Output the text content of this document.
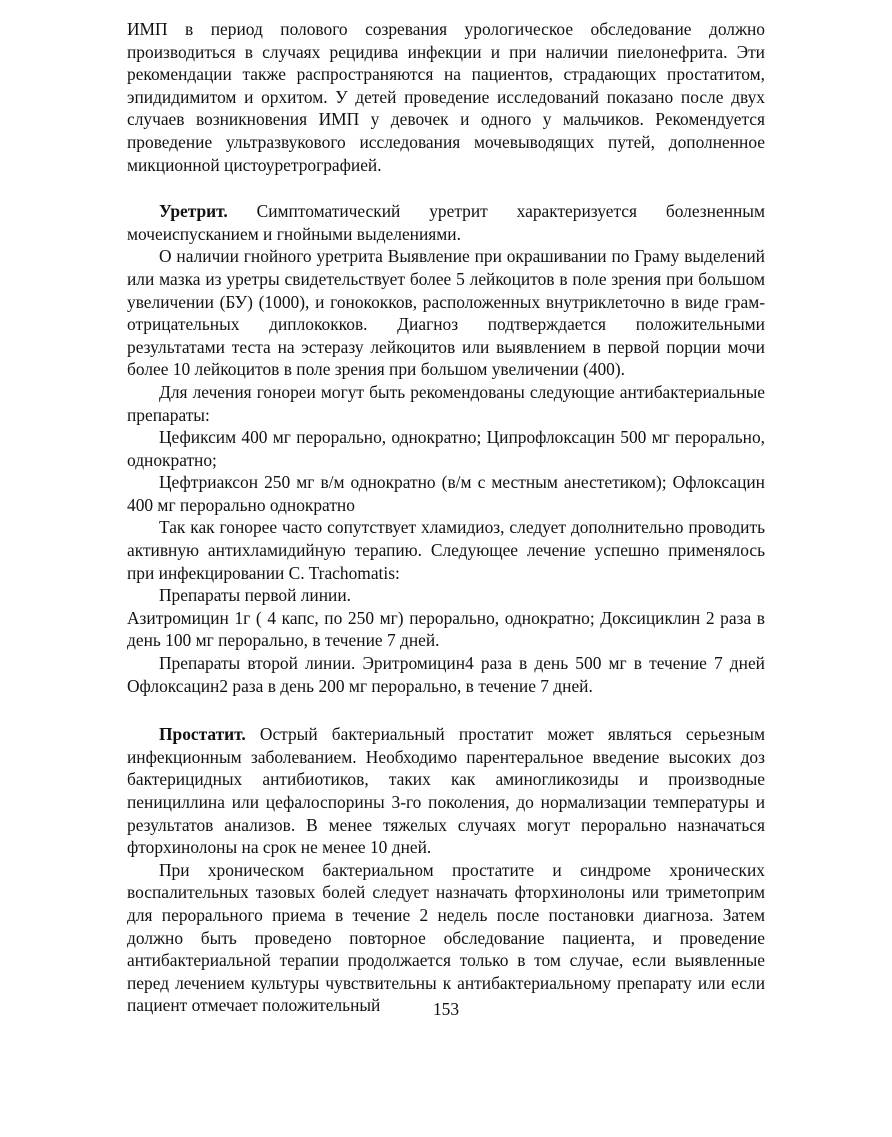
ИМП в период полового созревания урологическое обследование должно производиться в случаях рецидива инфекции и при наличии пиелонефрита. Эти рекомендации также распространяются на пациентов, страдающих простатитом, эпидидимитом и орхитом. У детей проведение исследований показано после двух случаев возникновения ИМП у девочек и одного у мальчиков. Рекомендуется проведение ультразвукового исследования мочевыводящих путей, дополненное микционной цистоуретрографией.

Уретрит. Симптоматический уретрит характеризуется болезненным мочеиспусканием и гнойными выделениями.

О наличии гнойного уретрита Выявление при окрашивании по Граму выделений или мазка из уретры свидетельствует более 5 лейкоцитов в поле зрения при большом увеличении (БУ) (1000), и гонококков, расположенных внутриклеточно в виде грам- отрицательных диплококков. Диагноз подтверждается положительными результатами теста на эстеразу лейкоцитов или выявлением в первой порции мочи более 10 лейкоцитов в поле зрения при большом увеличении (400).

Для лечения гонореи могут быть рекомендованы следующие антибактериальные препараты:

Цефиксим 400 мг перорально, однократно; Ципрофлоксацин 500 мг перорально, однократно;

Цефтриаксон 250 мг в/м однократно (в/м с местным анестетиком); Офлоксацин 400 мг перорально однократно

Так как гонорее часто сопутствует хламидиоз, следует дополнительно проводить активную антихламидийную терапию. Следующее лечение успешно применялось при инфекцировании C. Trachomatis:

Препараты первой линии.

Азитромицин 1г ( 4 капс, по 250 мг) перорально, однократно; Доксициклин 2 раза в день 100 мг перорально, в течение 7 дней.

Препараты второй линии. Эритромицин4 раза в день 500 мг в течение 7 дней Офлоксацин2 раза в день 200 мг перорально, в течение 7 дней.

Простатит. Острый бактериальный простатит может являться серьезным инфекционным заболеванием. Необходимо парентеральное введение высоких доз бактерицидных антибиотиков, таких как аминогликозиды и производные пенициллина или цефалоспорины 3-го поколения, до нормализации температуры и результатов анализов. В менее тяжелых случаях могут перорально назначаться фторхинолоны на срок не менее 10 дней.

При хроническом бактериальном простатите и синдроме хронических воспалительных тазовых болей следует назначать фторхинолоны или триметоприм для перорального приема в течение 2 недель после постановки диагноза. Затем должно быть проведено повторное обследование пациента, и проведение антибактериальной терапии продолжается только в том случае, если выявленные перед лечением культуры чувствительны к антибактериальному препарату или если пациент отмечает положительный	153
